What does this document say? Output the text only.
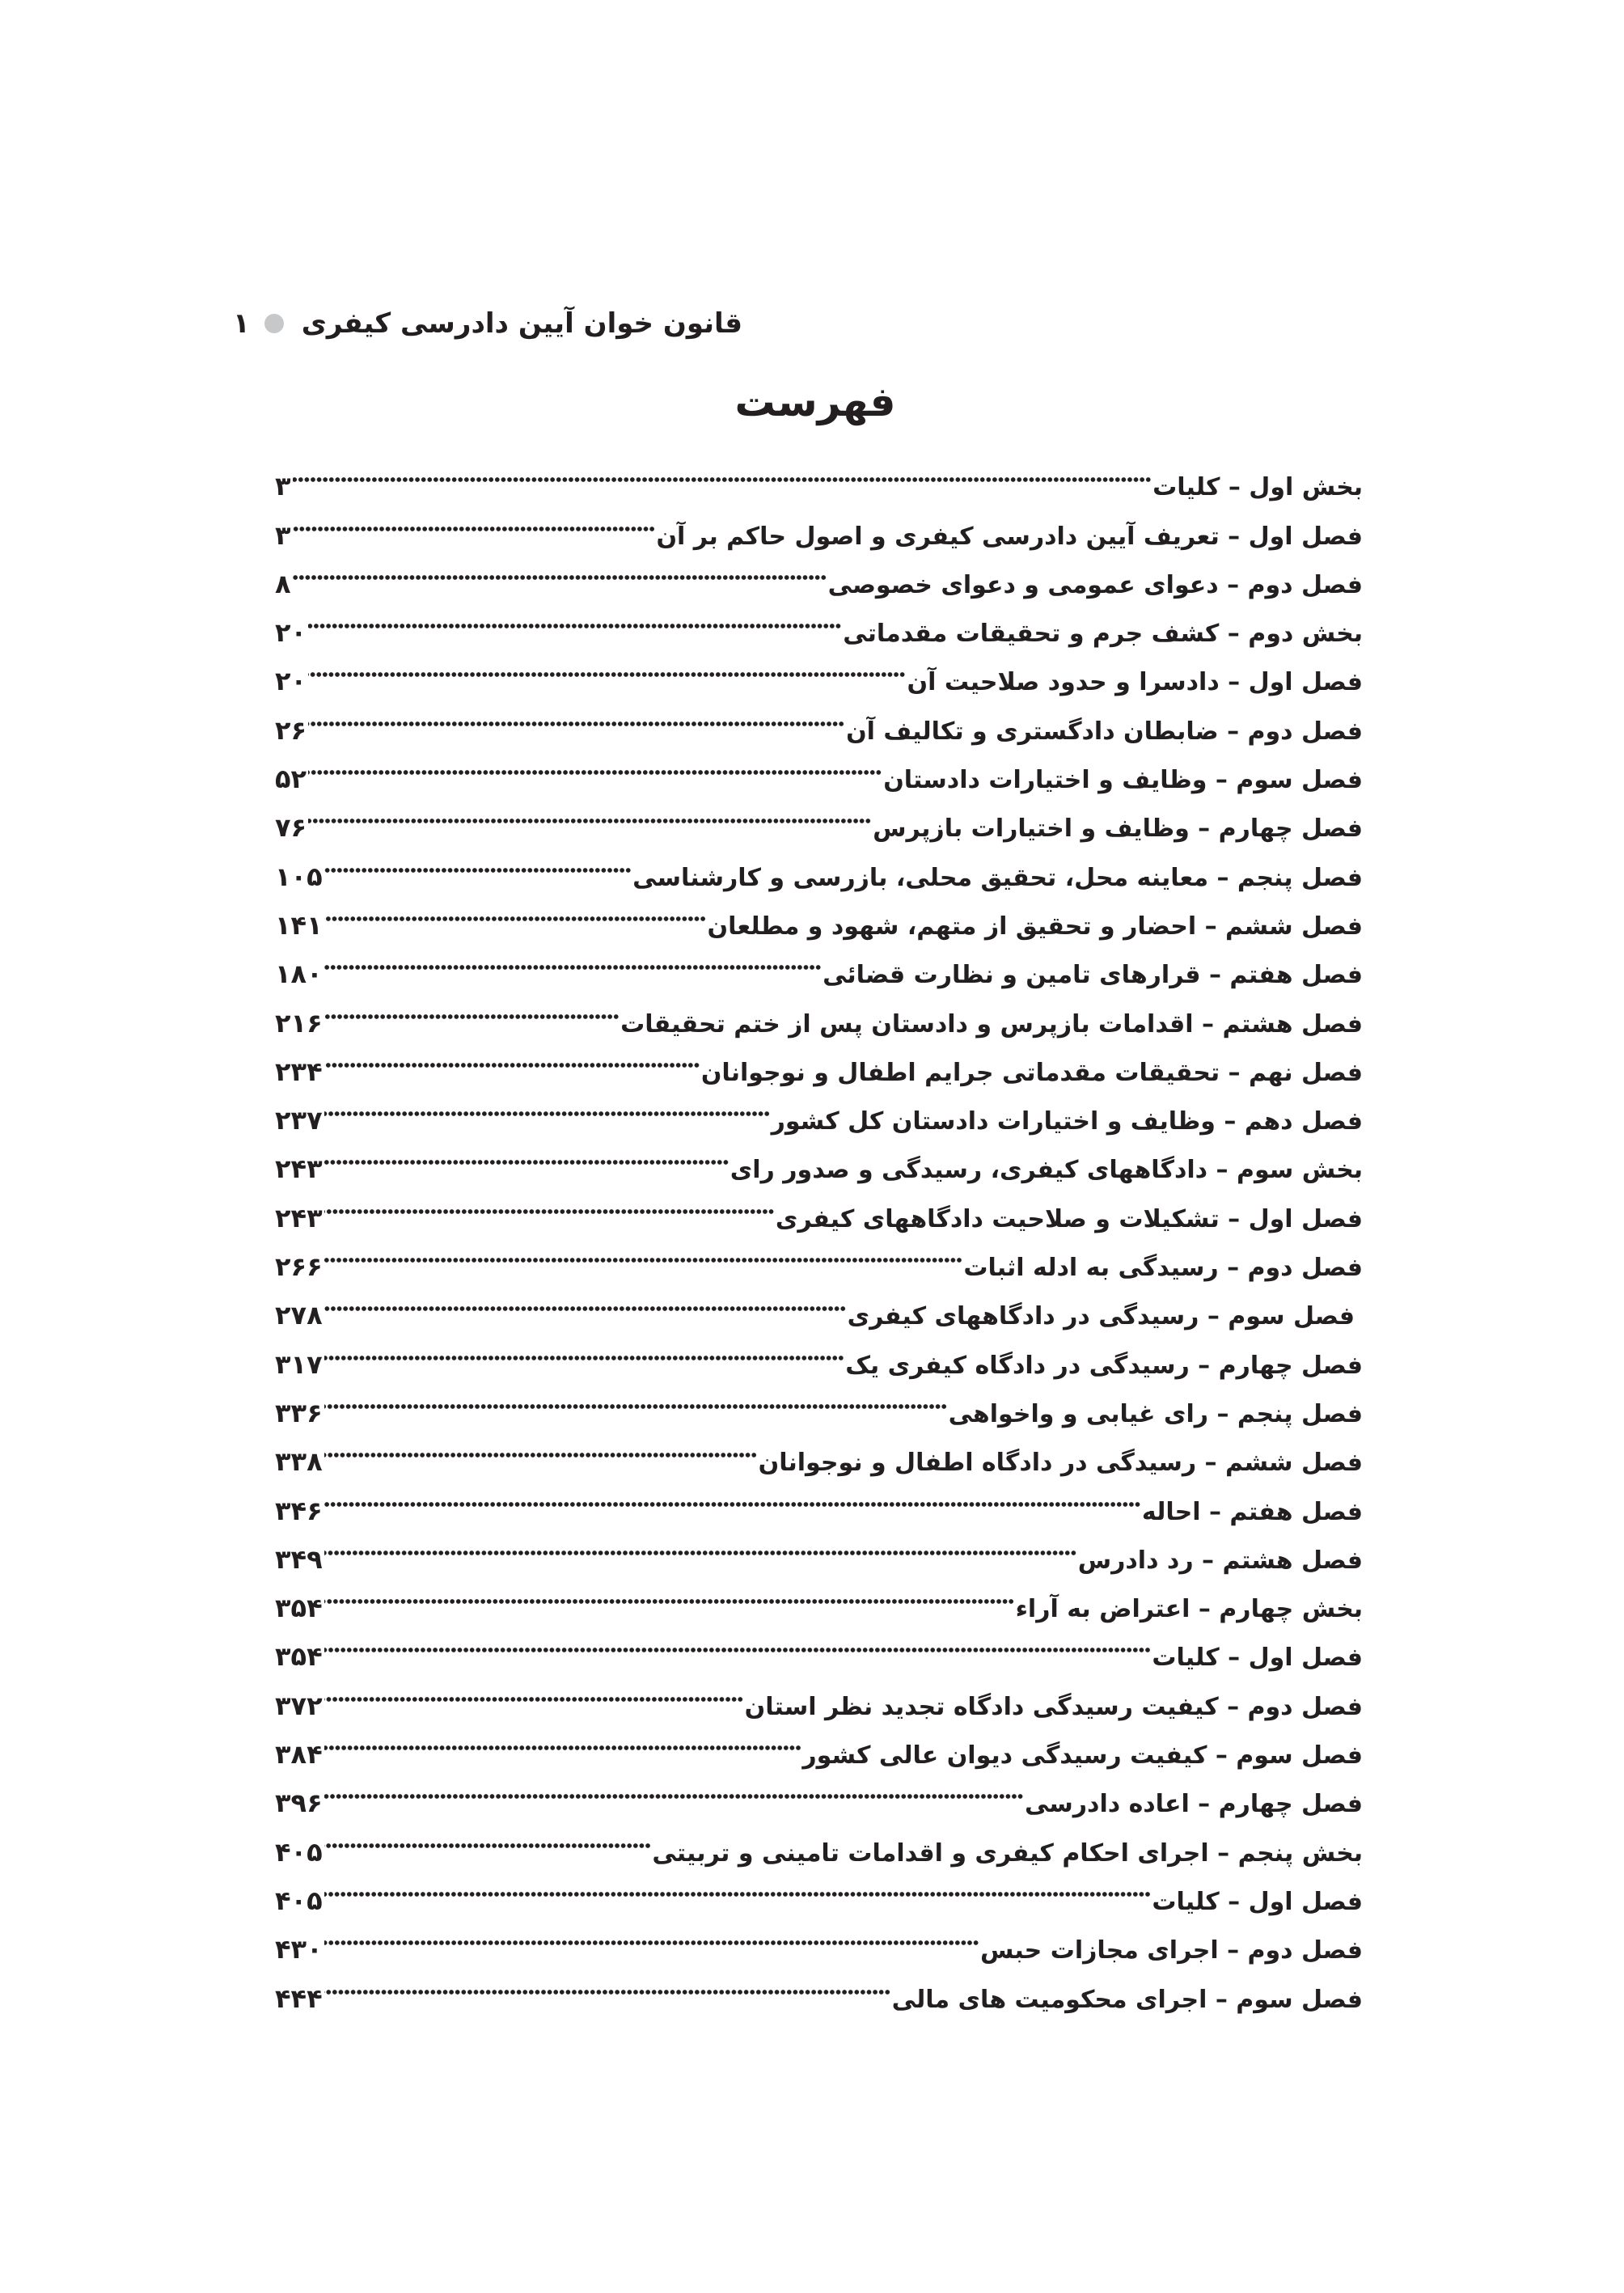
۱ قانون خوان آیین دادرسی کیفری
فهرست
بخش اول – کلیات
۳
فصل اول – تعریف آیین دادرسی کیفری و اصول حاکم بر آن
۳
فصل دوم – دعوای عمومی و دعوای خصوصی
۸
بخش دوم – کشف جرم و تحقیقات مقدماتی
۲۰
فصل اول – دادسرا و حدود صلاحیت آن
۲۰
فصل دوم – ضابطان دادگستری و تکالیف آن
۲۶
فصل سوم – وظایف و اختیارات دادستان
۵۲
فصل چهارم – وظایف و اختیارات بازپرس
۷۶
فصل پنجم – معاینه محل، تحقیق محلی، بازرسی و کارشناسی
۱۰۵
فصل ششم – احضار و تحقیق از متهم، شهود و مطلعان
۱۴۱
فصل هفتم – قرارهای تامین و نظارت قضائی
۱۸۰
فصل هشتم – اقدامات بازپرس و دادستان پس از ختم تحقیقات
۲۱۶
فصل نهم – تحقیقات مقدماتی جرایم اطفال و نوجوانان
۲۳۴
فصل دهم – وظایف و اختیارات دادستان کل کشور
۲۳۷
بخش سوم – دادگاههای کیفری، رسیدگی و صدور رای
۲۴۳
فصل اول – تشکیلات و صلاحیت دادگاههای کیفری
۲۴۳
فصل دوم – رسیدگی به ادله اثبات
۲۶۶
فصل سوم – رسیدگی در دادگاههای کیفری
۲۷۸
فصل چهارم – رسیدگی در دادگاه کیفری یک
۳۱۷
فصل پنجم – رای غیابی و واخواهی
۳۳۶
فصل ششم – رسیدگی در دادگاه اطفال و نوجوانان
۳۳۸
فصل هفتم – احاله
۳۴۶
فصل هشتم – رد دادرس
۳۴۹
بخش چهارم – اعتراض به آراء
۳۵۴
فصل اول – کلیات
۳۵۴
فصل دوم – کیفیت رسیدگی دادگاه تجدید نظر استان
۳۷۲
فصل سوم – کیفیت رسیدگی دیوان عالی کشور
۳۸۴
فصل چهارم – اعاده دادرسی
۳۹۶
بخش پنجم – اجرای احکام کیفری و اقدامات تامینی و تربیتی
۴۰۵
فصل اول – کلیات
۴۰۵
فصل دوم – اجرای مجازات حبس
۴۳۰
فصل سوم – اجرای محکومیت های مالی
۴۴۴
